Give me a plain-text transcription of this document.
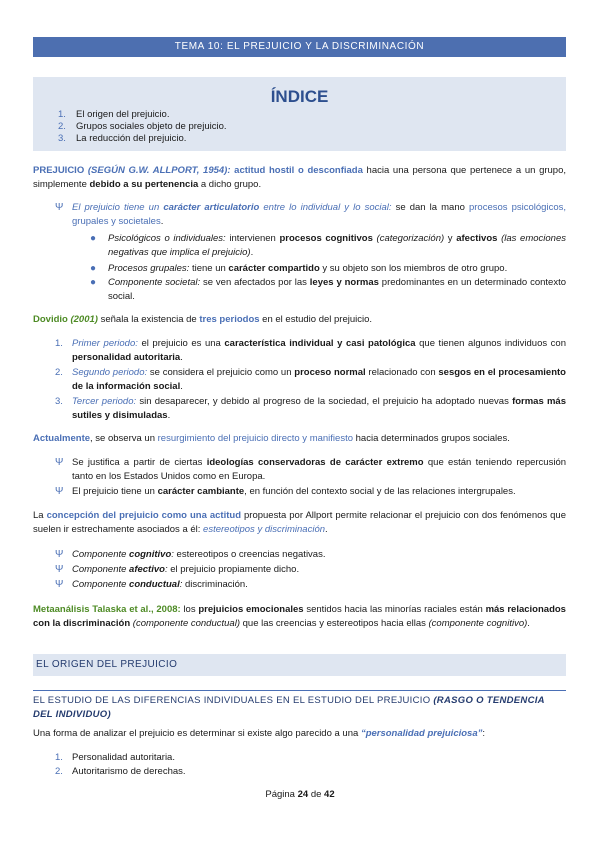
TEMA 10: EL PREJUICIO Y LA DISCRIMINACIÓN
ÍNDICE
1. El origen del prejuicio.
2. Grupos sociales objeto de prejuicio.
3. La reducción del prejuicio.

PREJUICIO (SEGÚN G.W. ALLPORT, 1954): actitud hostil o desconfiada hacia una persona que pertenece a un grupo, simplemente debido a su pertenencia a dicho grupo.

Ψ El prejuicio tiene un carácter articulatorio entre lo individual y lo social: se dan la mano procesos psicológicos, grupales y societales.
● Psicológicos o individuales: intervienen procesos cognitivos (categorización) y afectivos (las emociones negativas que implica el prejuicio).
● Procesos grupales: tiene un carácter compartido y su objeto son los miembros de otro grupo.
● Componente societal: se ven afectados por las leyes y normas predominantes en un determinado contexto social.

Dovidio (2001) señala la existencia de tres periodos en el estudio del prejuicio.

1. Primer periodo: el prejuicio es una característica individual y casi patológica que tienen algunos individuos con personalidad autoritaria.
2. Segundo periodo: se considera el prejuicio como un proceso normal relacionado con sesgos en el procesamiento de la información social.
3. Tercer periodo: sin desaparecer, y debido al progreso de la sociedad, el prejuicio ha adoptado nuevas formas más sutiles y disimuladas.

Actualmente, se observa un resurgimiento del prejuicio directo y manifiesto hacia determinados grupos sociales.

Ψ Se justifica a partir de ciertas ideologías conservadoras de carácter extremo que están teniendo repercusión tanto en los Estados Unidos como en Europa.
Ψ El prejuicio tiene un carácter cambiante, en función del contexto social y de las relaciones intergrupales.

La concepción del prejuicio como una actitud propuesta por Allport permite relacionar el prejuicio con dos fenómenos que suelen ir estrechamente asociados a él: estereotipos y discriminación.

Ψ Componente cognitivo: estereotipos o creencias negativas.
Ψ Componente afectivo: el prejuicio propiamente dicho.
Ψ Componente conductual: discriminación.

Metaanálisis Talaska et al., 2008: los prejuicios emocionales sentidos hacia las minorías raciales están más relacionados con la discriminación (componente conductual) que las creencias y estereotipos hacia ellas (componente cognitivo).

EL ORIGEN DEL PREJUICIO
EL ESTUDIO DE LAS DIFERENCIAS INDIVIDUALES EN EL ESTUDIO DEL PREJUICIO (RASGO O TENDENCIA DEL INDIVIDUO)

Una forma de analizar el prejuicio es determinar si existe algo parecido a una “personalidad prejuiciosa”:

1. Personalidad autoritaria.
2. Autoritarismo de derechas.
Página 24 de 42
